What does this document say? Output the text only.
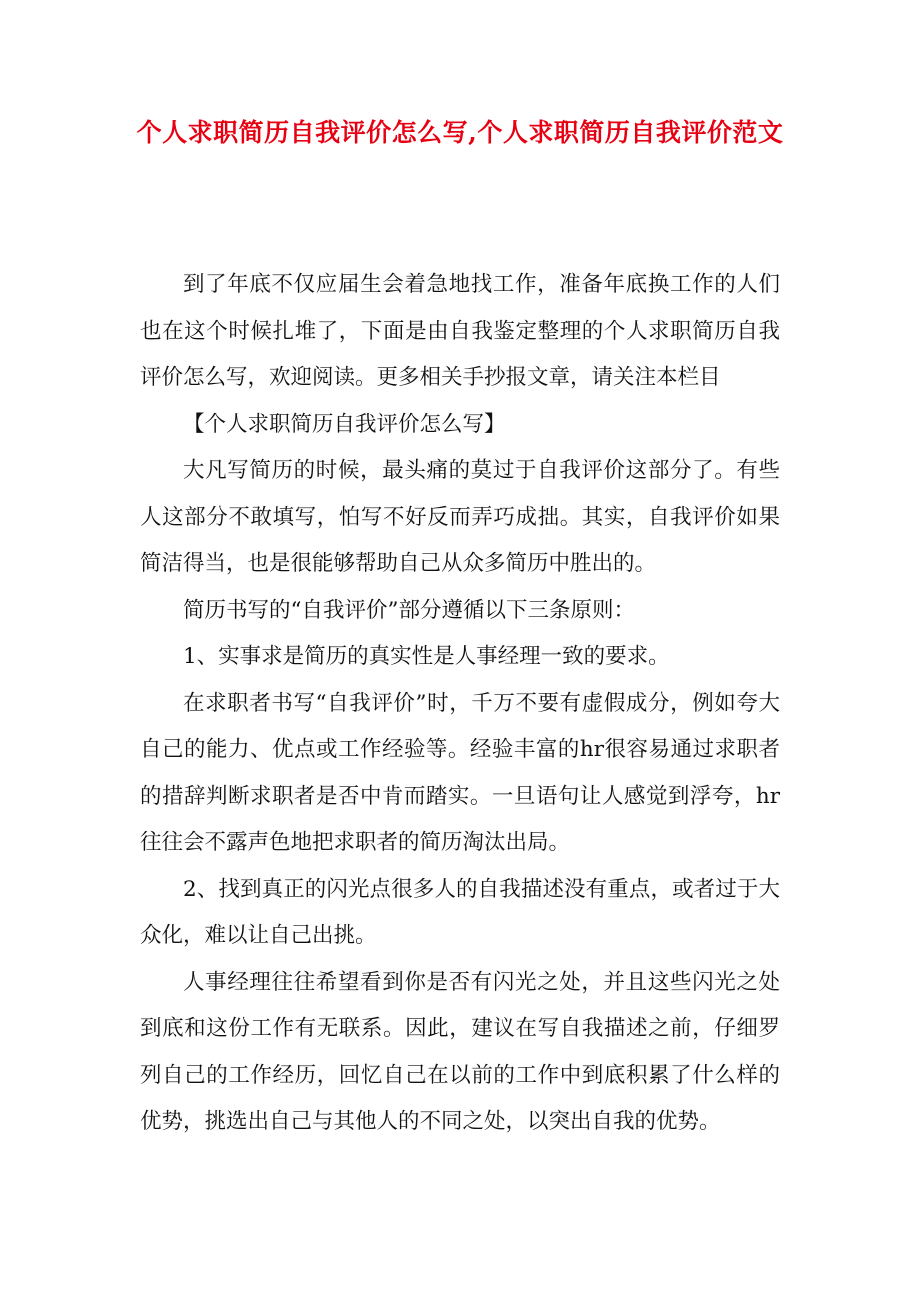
个人求职简历自我评价怎么写,个人求职简历自我评价范文

到了年底不仅应届生会着急地找工作，准备年底换工作的人们也在这个时候扎堆了，下面是由自我鉴定整理的个人求职简历自我评价怎么写，欢迎阅读。更多相关手抄报文章，请关注本栏目

【个人求职简历自我评价怎么写】

大凡写简历的时候，最头痛的莫过于自我评价这部分了。有些人这部分不敢填写，怕写不好反而弄巧成拙。其实，自我评价如果简洁得当，也是很能够帮助自己从众多简历中胜出的。

简历书写的“自我评价”部分遵循以下三条原则：

1、实事求是简历的真实性是人事经理一致的要求。

在求职者书写“自我评价”时，千万不要有虚假成分，例如夸大自己的能力、优点或工作经验等。经验丰富的hr很容易通过求职者的措辞判断求职者是否中肯而踏实。一旦语句让人感觉到浮夸，hr往往会不露声色地把求职者的简历淘汰出局。

2、找到真正的闪光点很多人的自我描述没有重点，或者过于大众化，难以让自己出挑。

人事经理往往希望看到你是否有闪光之处，并且这些闪光之处到底和这份工作有无联系。因此，建议在写自我描述之前，仔细罗列自己的工作经历，回忆自己在以前的工作中到底积累了什么样的优势，挑选出自己与其他人的不同之处，以突出自我的优势。
